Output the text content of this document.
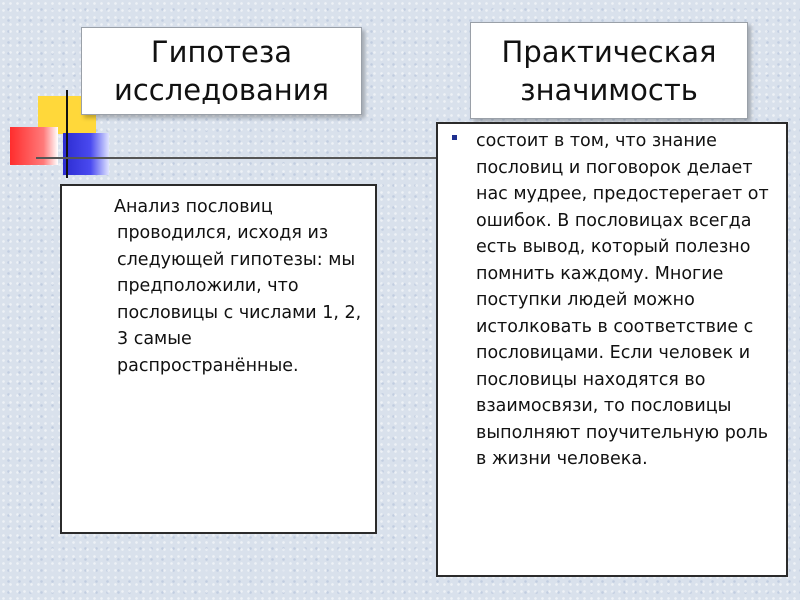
Гипотеза
исследования
Практическая
значимость
Анализ пословиц
проводился, исходя из следующей гипотезы: мы предположили, что пословицы с числами 1, 2, 3 самые распространённые.
состоит в том, что знание пословиц и поговорок делает нас мудрее, предостерегает от ошибок. В пословицах всегда есть вывод, который полезно помнить каждому. Многие поступки людей можно истолковать в соответствие с пословицами. Если человек и пословицы находятся во взаимосвязи, то пословицы выполняют поучительную роль в жизни человека.
